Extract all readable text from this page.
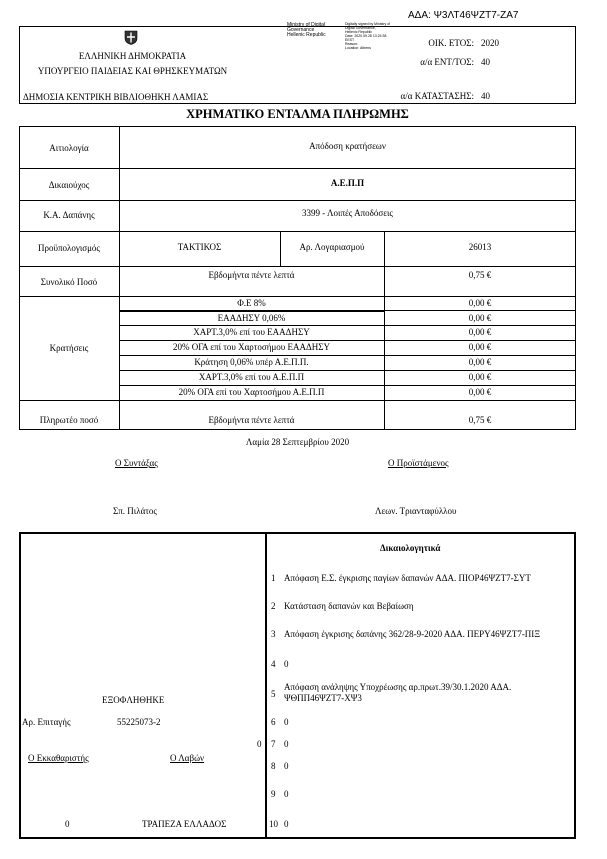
ΑΔΑ: Ψ3ΛΤ46ΨΖΤ7-ΖΑ7
Ministry of Digital
Governance
Hellenic Republic
Digitally signed by Ministry of
Digital Governance,
Hellenic Republic
Date: 2020.09.28 13:24:38
EEST
Reason:
Location: Athens
ΕΛΛΗΝΙΚΗ ΔΗΜΟΚΡΑΤΙΑ
ΥΠΟΥΡΓΕΙΟ ΠΑΙΔΕΙΑΣ ΚΑΙ ΘΡΗΣΚΕΥΜΑΤΩΝ
ΔΗΜΟΣΙΑ ΚΕΝΤΡΙΚΗ ΒΙΒΛΙΟΘΗΚΗ ΛΑΜΙΑΣ
ΟΙΚ. ΕΤΟΣ: 2020
α/α ΕΝΤ/ΤΟΣ: 40
α/α ΚΑΤΑΣΤΑΣΗΣ: 40
ΧΡΗΜΑΤΙΚΟ ΕΝΤΑΛΜΑ ΠΛΗΡΩΜΗΣ
Αιτιολογία	Απόδοση κρατήσεων
Δικαιούχος	Α.Ε.Π.Π
Κ.Α. Δαπάνης	3399 - Λοιπές Αποδόσεις
Προϋπολογισμός	ΤΑΚΤΙΚΟΣ	Αρ. Λογαριασμού	26013
Συνολικό Ποσό
Εβδομήντα πέντε λεπτά	0,75 €
Κρατήσεις
Φ.Ε 8%	0,00 €
ΕΑΑΔΗΣΥ 0,06%	0,00 €
ΧΑΡΤ.3,0% επί του ΕΑΑΔΗΣΥ	0,00 €
20% ΟΓΑ επί του Χαρτοσήμου ΕΑΑΔΗΣΥ	0,00 €
Κράτηση 0,06% υπέρ Α.Ε.Π.Π.	0,00 €
ΧΑΡΤ.3,0% επί του Α.Ε.Π.Π	0,00 €
20% ΟΓΑ επί του Χαρτοσήμου Α.Ε.Π.Π	0,00 €
Πληρωτέο ποσό	Εβδομήντα πέντε λεπτά	0,75 €
Λαμία 28 Σεπτεμβρίου 2020
Ο Συντάξας
Σπ. Πιλάτος
Ο Προϊστάμενος
Λεων. Τριανταφύλλου
ΕΞΟΦΛΗΘΗΚΕ
Αρ. Επιταγής	55225073-2
0
Ο Εκκαθαριστής	Ο Λαβών
0	ΤΡΑΠΕΖΑ ΕΛΛΑΔΟΣ
Δικαιολογητικά
1 Απόφαση Ε.Σ. έγκρισης παγίων δαπανών ΑΔΑ. ΠΙΟΡ46ΨΖΤ7-ΣΥΤ
2 Κατάσταση δαπανών και Βεβαίωση
3 Απόφαση έγκρισης δαπάνης 362/28-9-2020 ΑΔΑ. ΠΕΡΥ46ΨΖΤ7-ΠΙΞ
4 0
5
Απόφαση ανάληψης Υποχρέωσης αρ.πρωτ.39/30.1.2020 ΑΔΑ. ΨΘΠΠ46ΨΖΤ7-ΧΨ3
6 0
7 0
8 0
9 0
10 0
